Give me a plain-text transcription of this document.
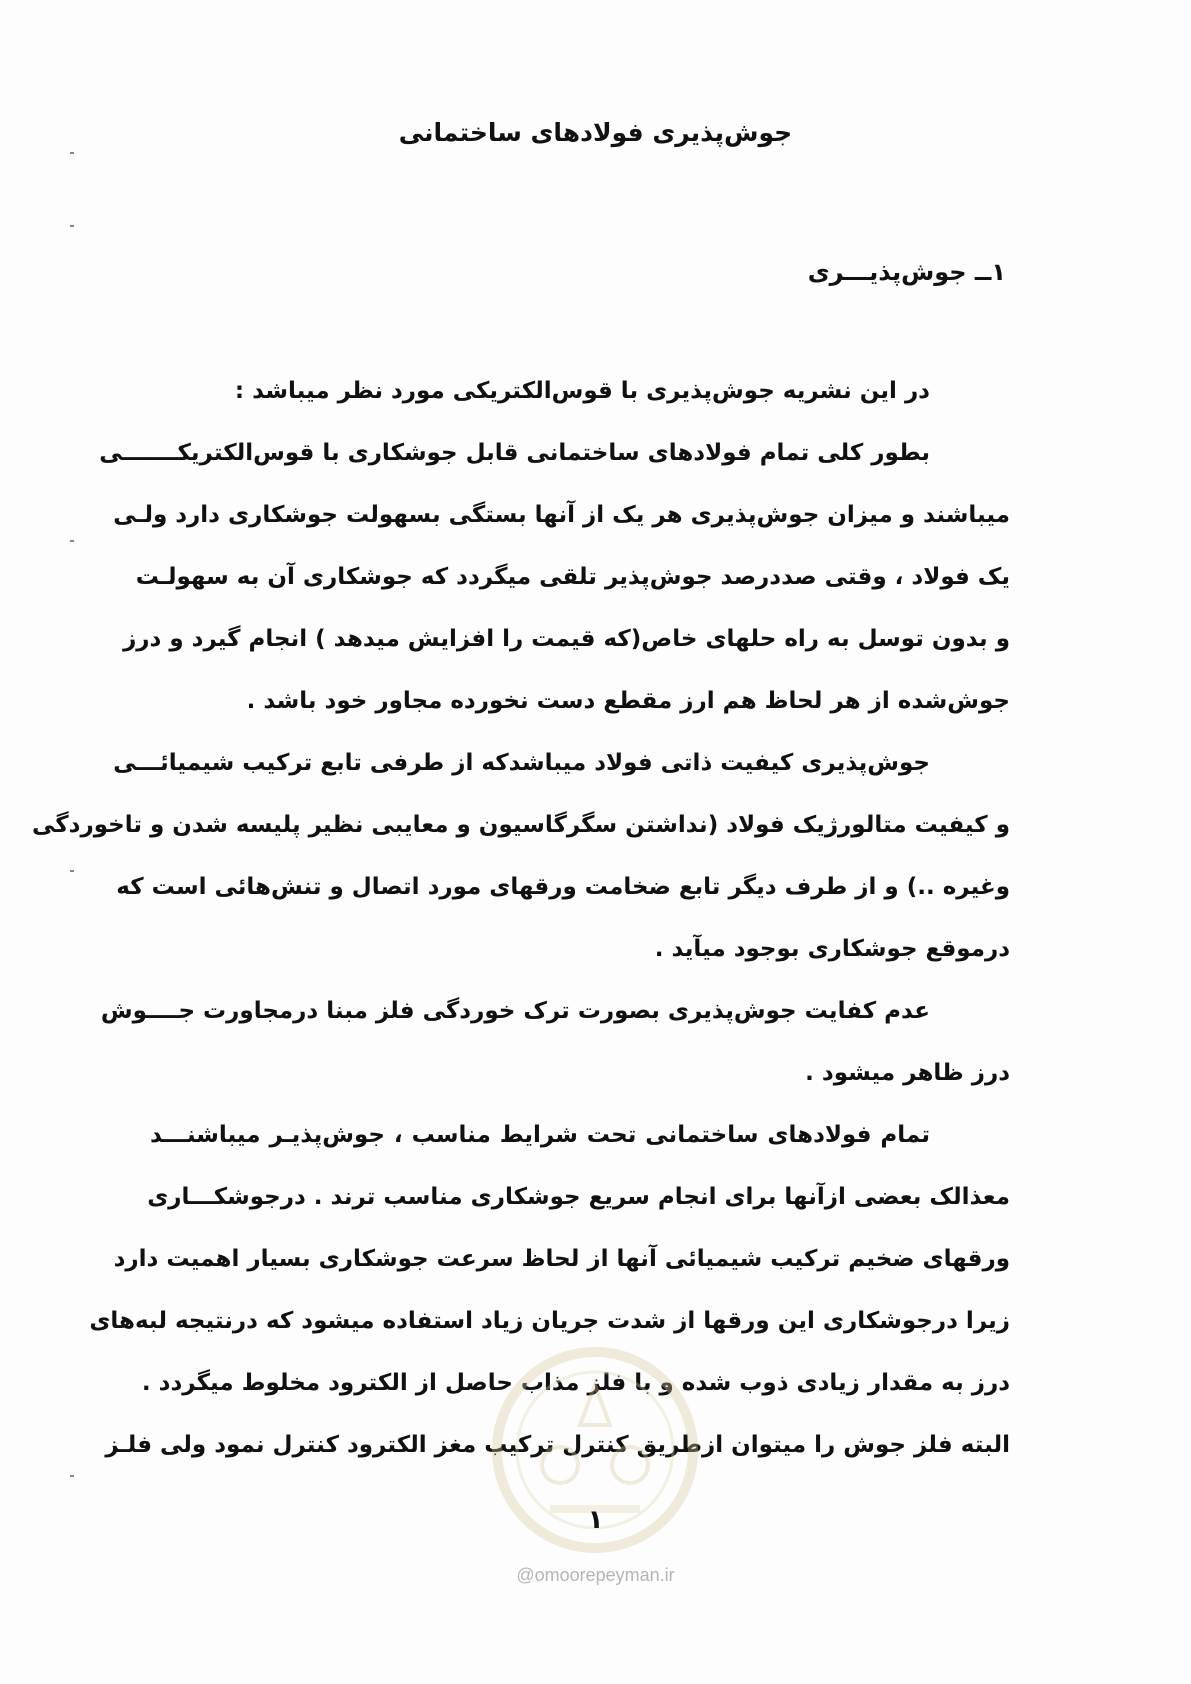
جوش‌پذیری فولادهای ساختمانی
۱ــ جوش‌پذیـــری
در این نشریه جوش‌پذیری با قوس‌الکتریکی مورد نظر میباشد :
بطور کلی تمام فولادهای ساختمانی قابل جوشکاری با قوس‌الکتریکـــــــی
میباشند و میزان جوش‌پذیری هر یک از آنها بستگی بسهولت جوشکاری دارد ولـی
یک فولاد ، وقتی صددرصد جوش‌پذیر تلقی میگردد که جوشکاری آن به سهولـت
و بدون توسل به راه حلهای خاص(که قیمت را افزایش میدهد ) انجام گیرد و درز
جوش‌شده از هر لحاظ هم ارز مقطع دست نخورده مجاور خود باشد .
جوش‌پذیری کیفیت ذاتی فولاد میباشدکه از طرفی تابع ترکیب شیمیائـــی
و کیفیت متالورژیک فولاد (نداشتن سگرگاسیون و معایبی نظیر پلیسه شدن و تاخوردگی
وغیره ..) و از طرف دیگر تابع ضخامت ورقهای مورد اتصال و تنش‌هائی است که
درموقع جوشکاری بوجود میآید .
عدم کفایت جوش‌پذیری بصورت ترک خوردگی فلز مبنا درمجاورت جــــوش
درز ظاهر میشود .
تمام فولادهای ساختمانی تحت شرایط مناسب ، جوش‌پذیـر میباشنـــد
معذالک بعضی ازآنها برای انجام سریع جوشکاری مناسب ترند . درجوشکـــاری
ورقهای ضخیم ترکیب شیمیائی آنها از لحاظ سرعت جوشکاری بسیار اهمیت دارد
زیرا درجوشکاری این ورقها از شدت جریان زیاد استفاده میشود که درنتیجه لبه‌های
درز به مقدار زیادی ذوب شده و با فلز مذاب حاصل از الکترود مخلوط میگردد .
البته فلز جوش را میتوان ازطریق کنترل ترکیب مغز الکترود کنترل نمود ولی فلـز
۱
@omoorepeyman.ir
